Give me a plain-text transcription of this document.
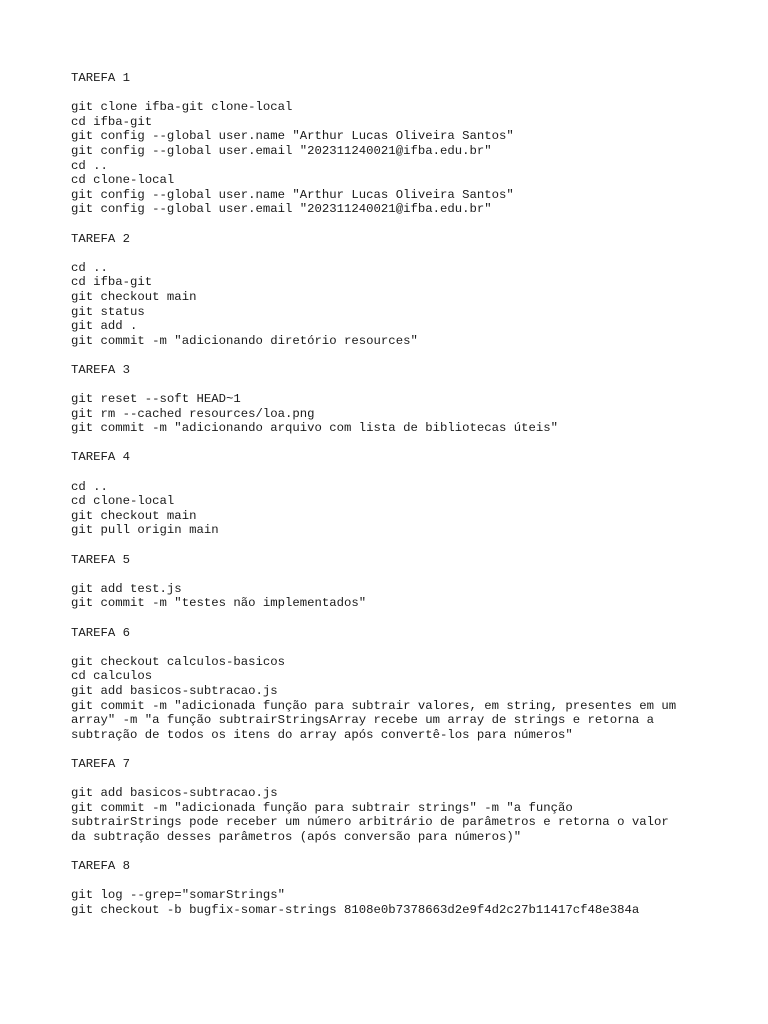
TAREFA 1
git clone ifba-git clone-local
cd ifba-git
git config --global user.name "Arthur Lucas Oliveira Santos"
git config --global user.email "202311240021@ifba.edu.br"
cd ..
cd clone-local
git config --global user.name "Arthur Lucas Oliveira Santos"
git config --global user.email "202311240021@ifba.edu.br"
TAREFA 2
cd ..
cd ifba-git
git checkout main
git status
git add .
git commit -m "adicionando diretório resources"
TAREFA 3
git reset --soft HEAD~1
git rm --cached resources/loa.png
git commit -m "adicionando arquivo com lista de bibliotecas úteis"
TAREFA 4
cd ..
cd clone-local
git checkout main
git pull origin main
TAREFA 5
git add test.js
git commit -m "testes não implementados"
TAREFA 6
git checkout calculos-basicos
cd calculos
git add basicos-subtracao.js
git commit -m "adicionada função para subtrair valores, em string, presentes em um
array" -m "a função subtrairStringsArray recebe um array de strings e retorna a
subtração de todos os itens do array após convertê-los para números"
TAREFA 7
git add basicos-subtracao.js
git commit -m "adicionada função para subtrair strings" -m "a função
subtrairStrings pode receber um número arbitrário de parâmetros e retorna o valor
da subtração desses parâmetros (após conversão para números)"
TAREFA 8
git log --grep="somarStrings"
git checkout -b bugfix-somar-strings 8108e0b7378663d2e9f4d2c27b11417cf48e384a
